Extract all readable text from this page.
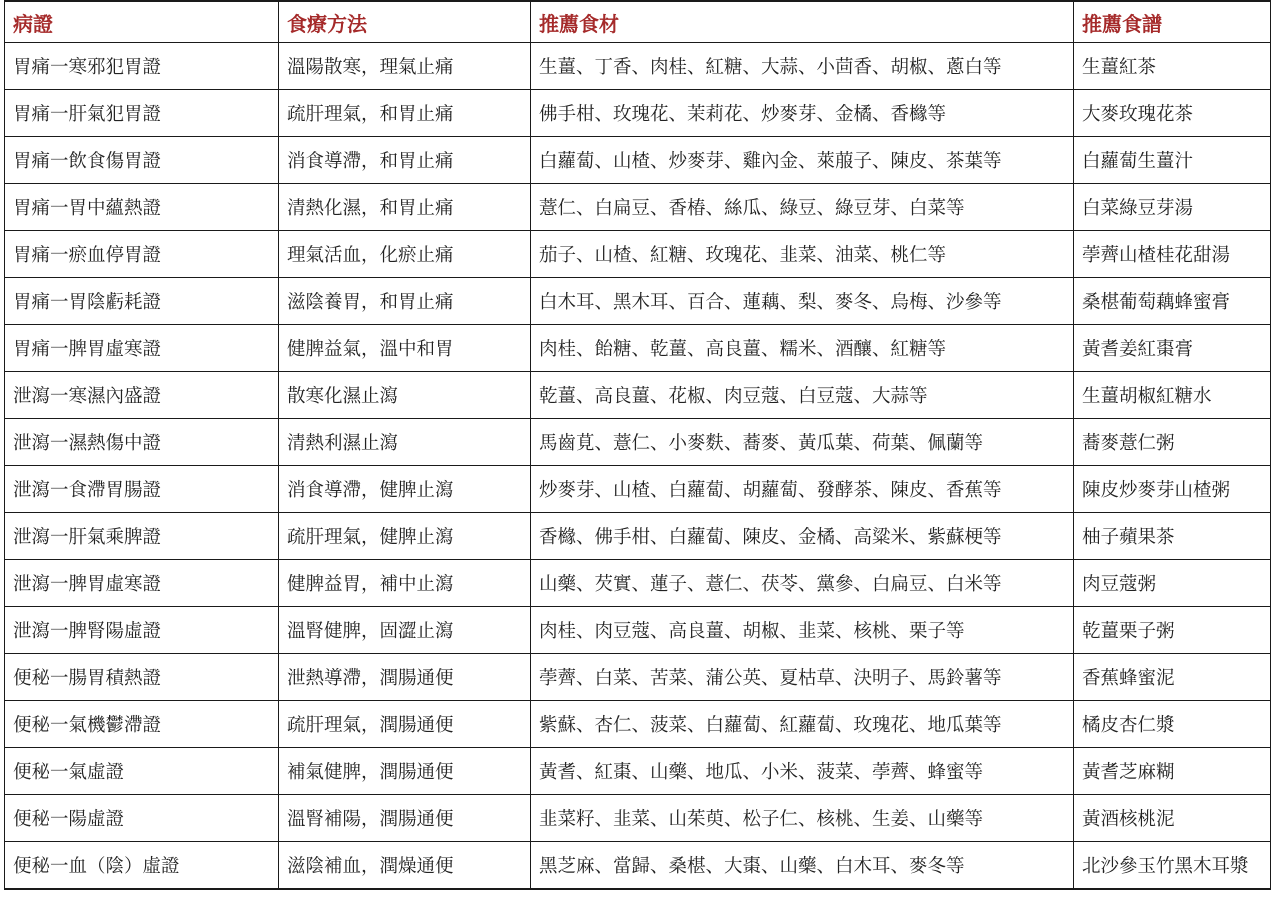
病證	食療方法	推薦食材	推薦食譜
胃痛一寒邪犯胃證	溫陽散寒，理氣止痛	生薑、丁香、肉桂、紅糖、大蒜、小茴香、胡椒、蔥白等	生薑紅茶
胃痛一肝氣犯胃證	疏肝理氣，和胃止痛	佛手柑、玫瑰花、茉莉花、炒麥芽、金橘、香櫞等	大麥玫瑰花茶
胃痛一飲食傷胃證	消食導滯，和胃止痛	白蘿蔔、山楂、炒麥芽、雞內金、萊菔子、陳皮、茶葉等	白蘿蔔生薑汁
胃痛一胃中蘊熱證	清熱化濕，和胃止痛	薏仁、白扁豆、香椿、絲瓜、綠豆、綠豆芽、白菜等	白菜綠豆芽湯
胃痛一瘀血停胃證	理氣活血，化瘀止痛	茄子、山楂、紅糖、玫瑰花、韭菜、油菜、桃仁等	荸薺山楂桂花甜湯
胃痛一胃陰虧耗證	滋陰養胃，和胃止痛	白木耳、黑木耳、百合、蓮藕、梨、麥冬、烏梅、沙參等	桑椹葡萄藕蜂蜜膏
胃痛一脾胃虛寒證	健脾益氣，溫中和胃	肉桂、飴糖、乾薑、高良薑、糯米、酒釀、紅糖等	黃耆姜紅棗膏
泄瀉一寒濕內盛證	散寒化濕止瀉	乾薑、高良薑、花椒、肉豆蔻、白豆蔻、大蒜等	生薑胡椒紅糖水
泄瀉一濕熱傷中證	清熱利濕止瀉	馬齒莧、薏仁、小麥麩、蕎麥、黃瓜葉、荷葉、佩蘭等	蕎麥薏仁粥
泄瀉一食滯胃腸證	消食導滯，健脾止瀉	炒麥芽、山楂、白蘿蔔、胡蘿蔔、發酵茶、陳皮、香蕉等	陳皮炒麥芽山楂粥
泄瀉一肝氣乘脾證	疏肝理氣，健脾止瀉	香櫞、佛手柑、白蘿蔔、陳皮、金橘、高粱米、紫蘇梗等	柚子蘋果茶
泄瀉一脾胃虛寒證	健脾益胃，補中止瀉	山藥、芡實、蓮子、薏仁、茯苓、黨參、白扁豆、白米等	肉豆蔻粥
泄瀉一脾腎陽虛證	溫腎健脾，固澀止瀉	肉桂、肉豆蔻、高良薑、胡椒、韭菜、核桃、栗子等	乾薑栗子粥
便秘一腸胃積熱證	泄熱導滯，潤腸通便	荸薺、白菜、苦菜、蒲公英、夏枯草、決明子、馬鈴薯等	香蕉蜂蜜泥
便秘一氣機鬱滯證	疏肝理氣，潤腸通便	紫蘇、杏仁、菠菜、白蘿蔔、紅蘿蔔、玫瑰花、地瓜葉等	橘皮杏仁漿
便秘一氣虛證	補氣健脾，潤腸通便	黃耆、紅棗、山藥、地瓜、小米、菠菜、荸薺、蜂蜜等	黃耆芝麻糊
便秘一陽虛證	溫腎補陽，潤腸通便	韭菜籽、韭菜、山茱萸、松子仁、核桃、生姜、山藥等	黃酒核桃泥
便秘一血（陰）虛證	滋陰補血，潤燥通便	黑芝麻、當歸、桑椹、大棗、山藥、白木耳、麥冬等	北沙參玉竹黑木耳漿
